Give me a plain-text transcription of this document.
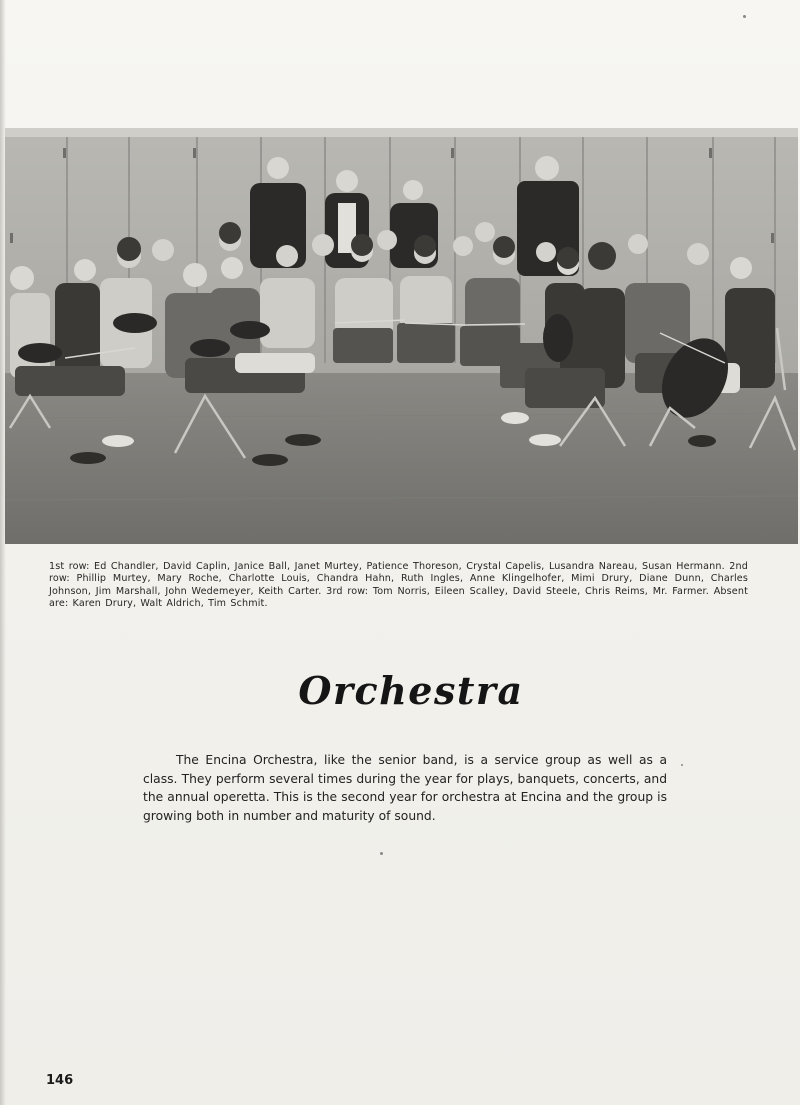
1st row: Ed Chandler, David Caplin, Janice Ball, Janet Murtey, Patience Thoreson, Crystal Capelis, Lusandra Nareau, Susan Hermann. 2nd row: Phillip Murtey, Mary Roche, Charlotte Louis, Chandra Hahn, Ruth Ingles, Anne Klingelhofer, Mimi Drury, Diane Dunn, Charles Johnson, Jim Marshall, John Wedemeyer, Keith Carter. 3rd row: Tom Norris, Eileen Scalley, David Steele, Chris Reims, Mr. Farmer. Absent are: Karen Drury, Walt Aldrich, Tim Schmit.
Orchestra
The Encina Orchestra, like the senior band, is a service group as well as a class. They perform several times during the year for plays, banquets, concerts, and the annual operetta. This is the second year for orchestra at Encina and the group is growing both in number and maturity of sound.
146
